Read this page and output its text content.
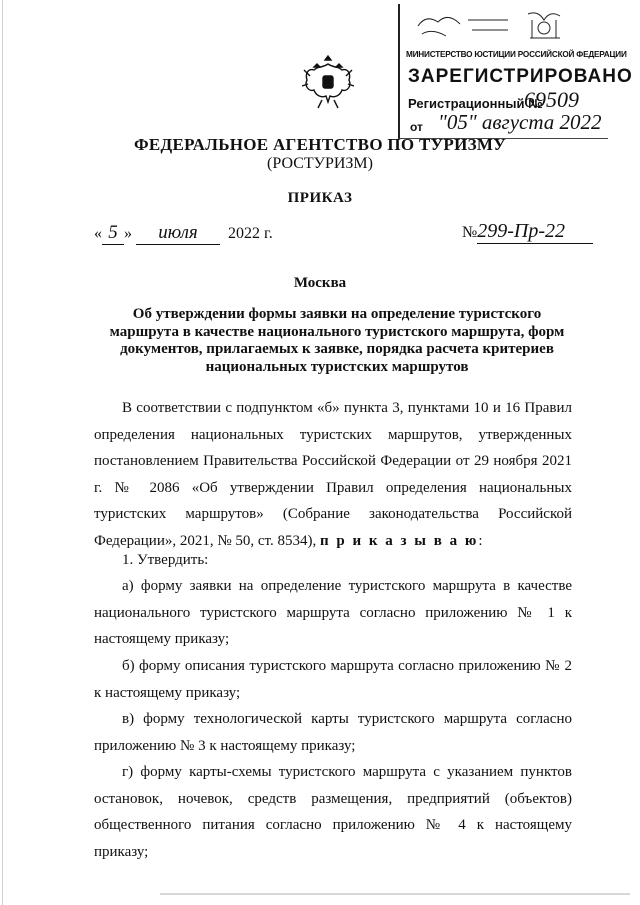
МИНИСТЕРСТВО ЮСТИЦИИ РОССИЙСКОЙ ФЕДЕРАЦИИ
ЗАРЕГИСТРИРОВАНО
Регистрационный №
69509
от "05" августа 2022
ФЕДЕРАЛЬНОЕ АГЕНТСТВО ПО ТУРИЗМУ
(РОСТУРИЗМ)
ПРИКАЗ
« 5 » июля 2022 г.	№299-Пр-22
Москва
Об утверждении формы заявки на определение туристского маршрута в качестве национального туристского маршрута, форм документов, прилагаемых к заявке, порядка расчета критериев национальных туристских маршрутов
В соответствии с подпунктом «б» пункта 3, пунктами 10 и 16 Правил определения национальных туристских маршрутов, утвержденных постановлением Правительства Российской Федерации от 29 ноября 2021 г. № 2086 «Об утверждении Правил определения национальных туристских маршрутов» (Собрание законодательства Российской Федерации», 2021, № 50, ст. 8534), п р и к а з ы в а ю:
1. Утвердить:
а) форму заявки на определение туристского маршрута в качестве национального туристского маршрута согласно приложению № 1 к настоящему приказу;
б) форму описания туристского маршрута согласно приложению № 2 к настоящему приказу;
в) форму технологической карты туристского маршрута согласно приложению № 3 к настоящему приказу;
г) форму карты-схемы туристского маршрута с указанием пунктов остановок, ночевок, средств размещения, предприятий (объектов) общественного питания согласно приложению № 4 к настоящему приказу;
